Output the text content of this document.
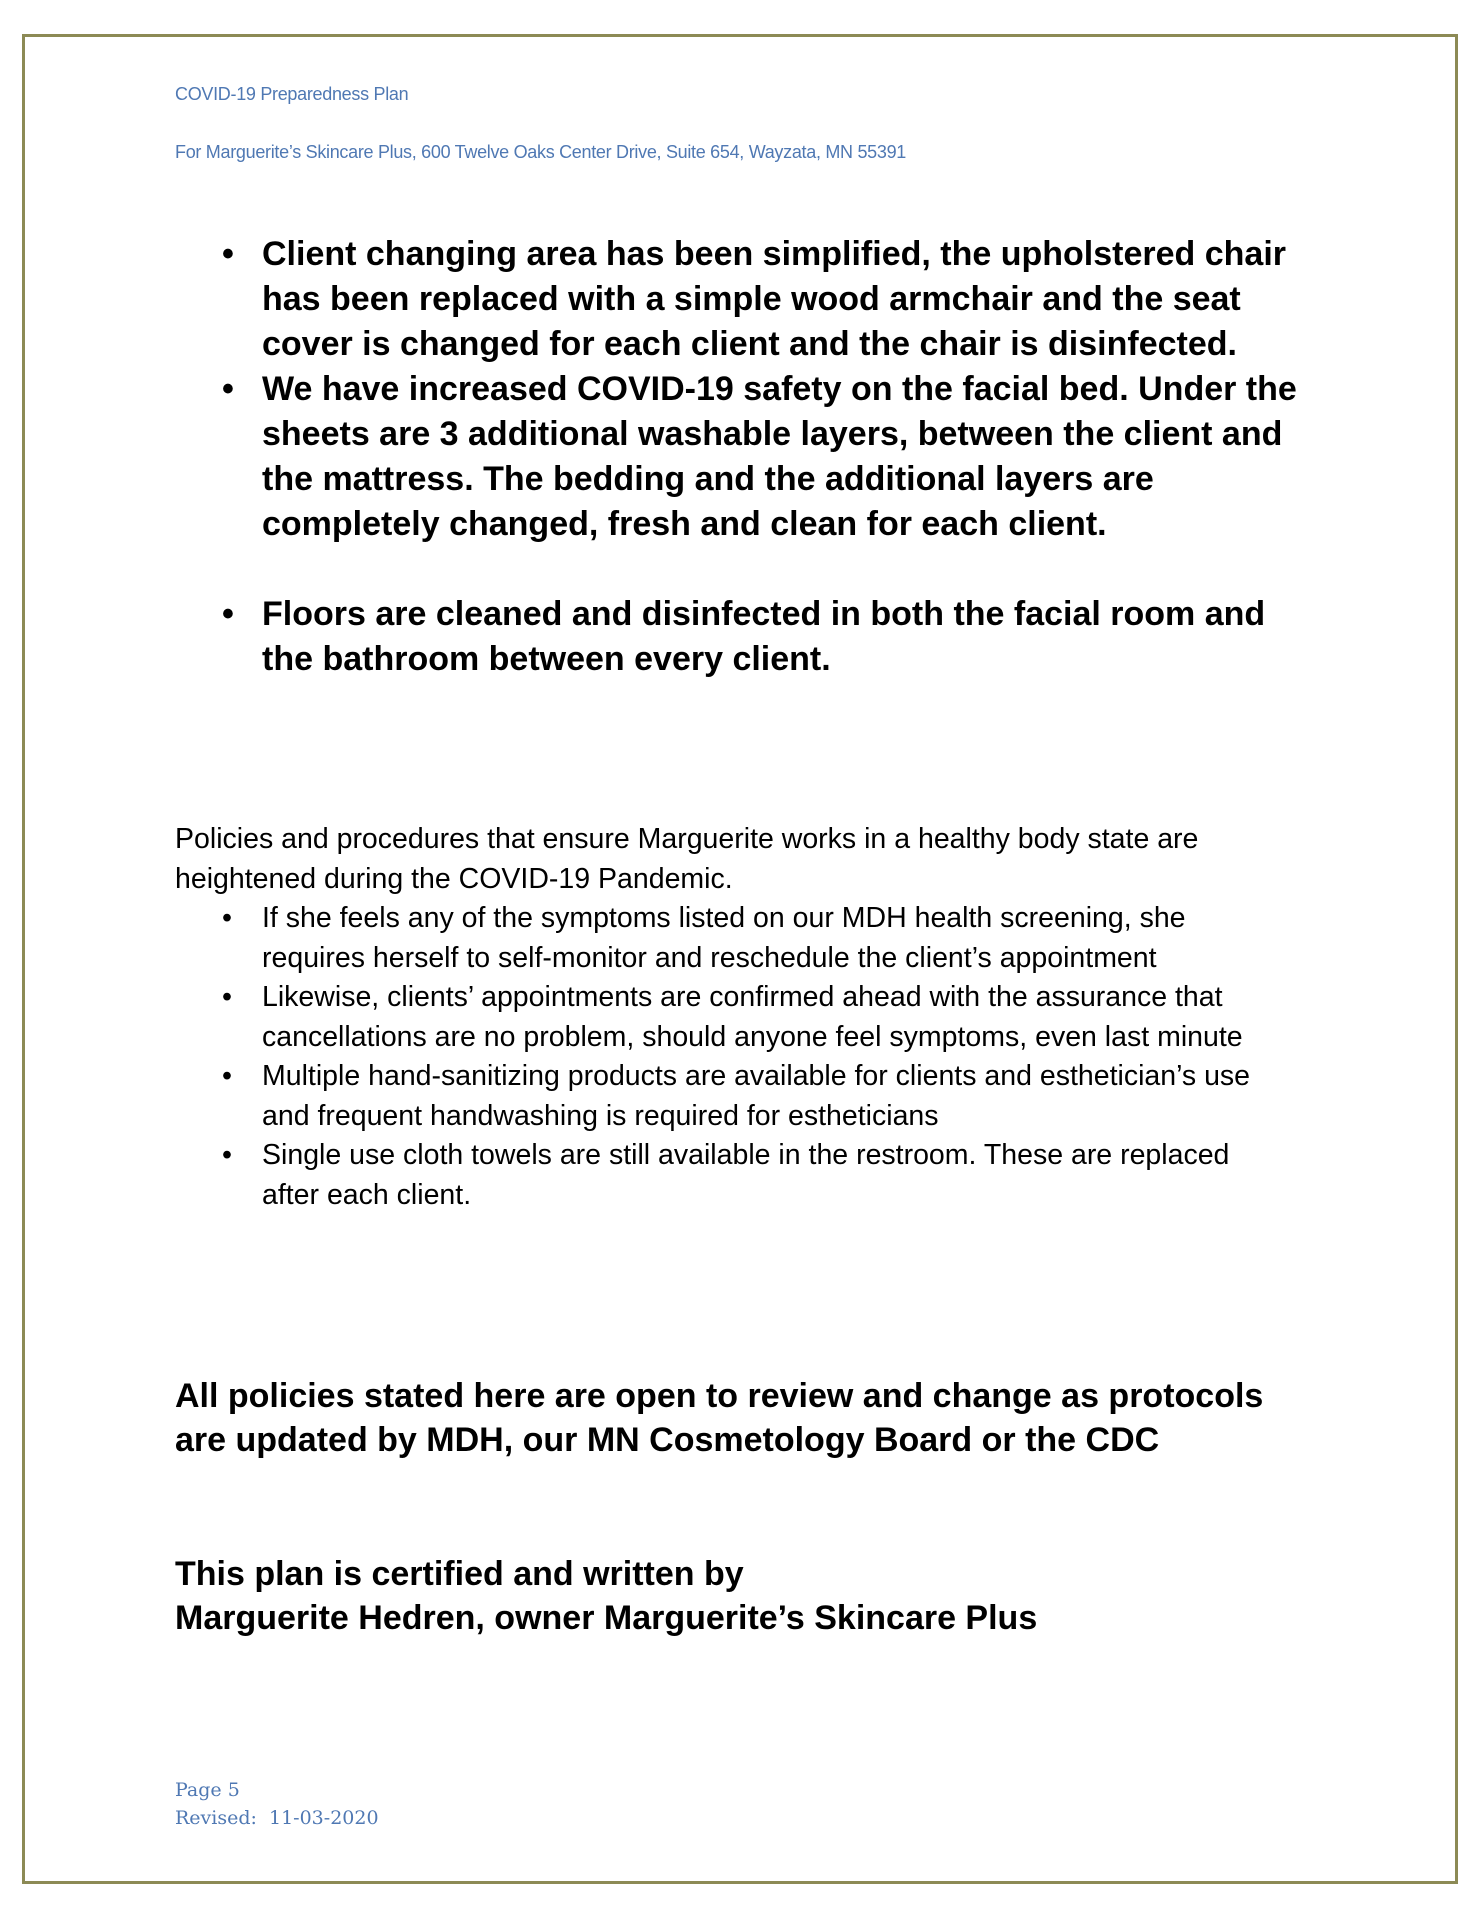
COVID-19 Preparedness Plan
For Marguerite’s Skincare Plus, 600 Twelve Oaks Center Drive, Suite 654, Wayzata, MN 55391
• Client changing area has been simplified, the upholstered chair has been replaced with a simple wood armchair and the seat cover is changed for each client and the chair is disinfected.
• We have increased COVID-19 safety on the facial bed. Under the sheets are 3 additional washable layers, between the client and the mattress. The bedding and the additional layers are completely changed, fresh and clean for each client.
• Floors are cleaned and disinfected in both the facial room and the bathroom between every client.
Policies and procedures that ensure Marguerite works in a healthy body state are heightened during the COVID-19 Pandemic.
• If she feels any of the symptoms listed on our MDH health screening, she requires herself to self-monitor and reschedule the client’s appointment
• Likewise, clients’ appointments are confirmed ahead with the assurance that cancellations are no problem, should anyone feel symptoms, even last minute
• Multiple hand-sanitizing products are available for clients and esthetician’s use and frequent handwashing is required for estheticians
• Single use cloth towels are still available in the restroom. These are replaced after each client.
All policies stated here are open to review and change as protocols are updated by MDH, our MN Cosmetology Board or the CDC
This plan is certified and written by
Marguerite Hedren, owner Marguerite’s Skincare Plus
Page 5
Revised:  11-03-2020
